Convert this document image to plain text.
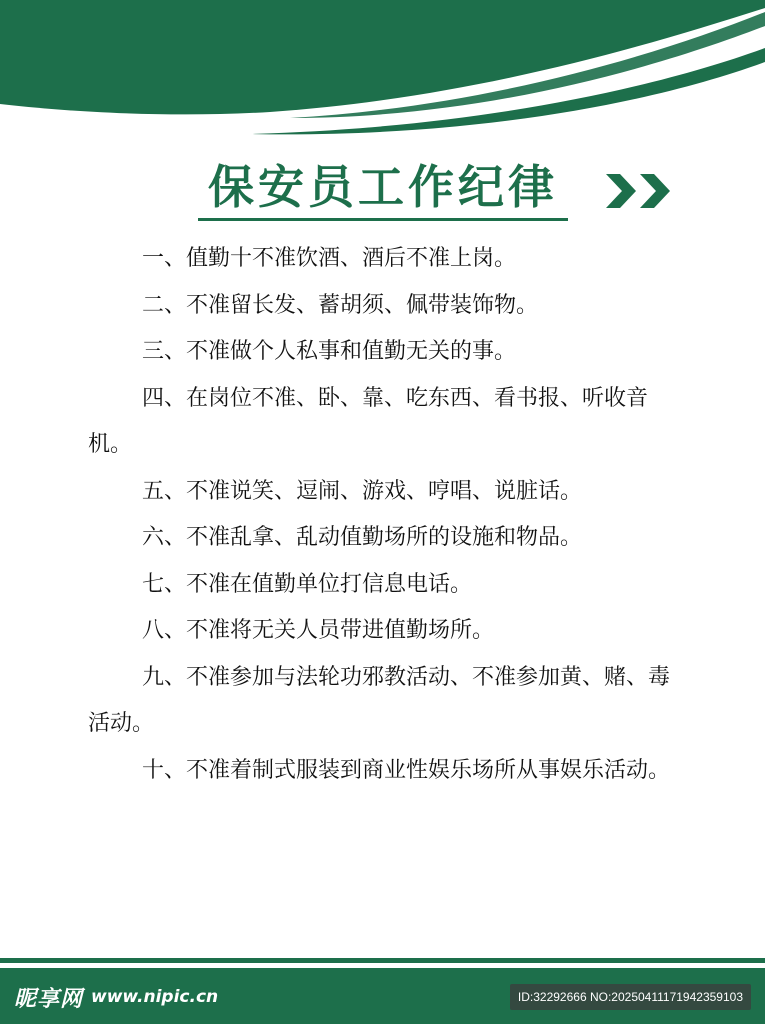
保安员工作纪律

一、值勤十不准饮酒、酒后不准上岗。

二、不准留长发、蓄胡须、佩带装饰物。

三、不准做个人私事和值勤无关的事。

四、在岗位不准、卧、靠、吃东西、看书报、听收音机。

五、不准说笑、逗闹、游戏、哼唱、说脏话。

六、不准乱拿、乱动值勤场所的设施和物品。

七、不准在值勤单位打信息电话。

八、不准将无关人员带进值勤场所。

九、不准参加与法轮功邪教活动、不准参加黄、赌、毒活动。

十、不准着制式服装到商业性娱乐场所从事娱乐活动。

昵享网 www.nipic.cn	ID:32292666 NO:20250411171942359103
